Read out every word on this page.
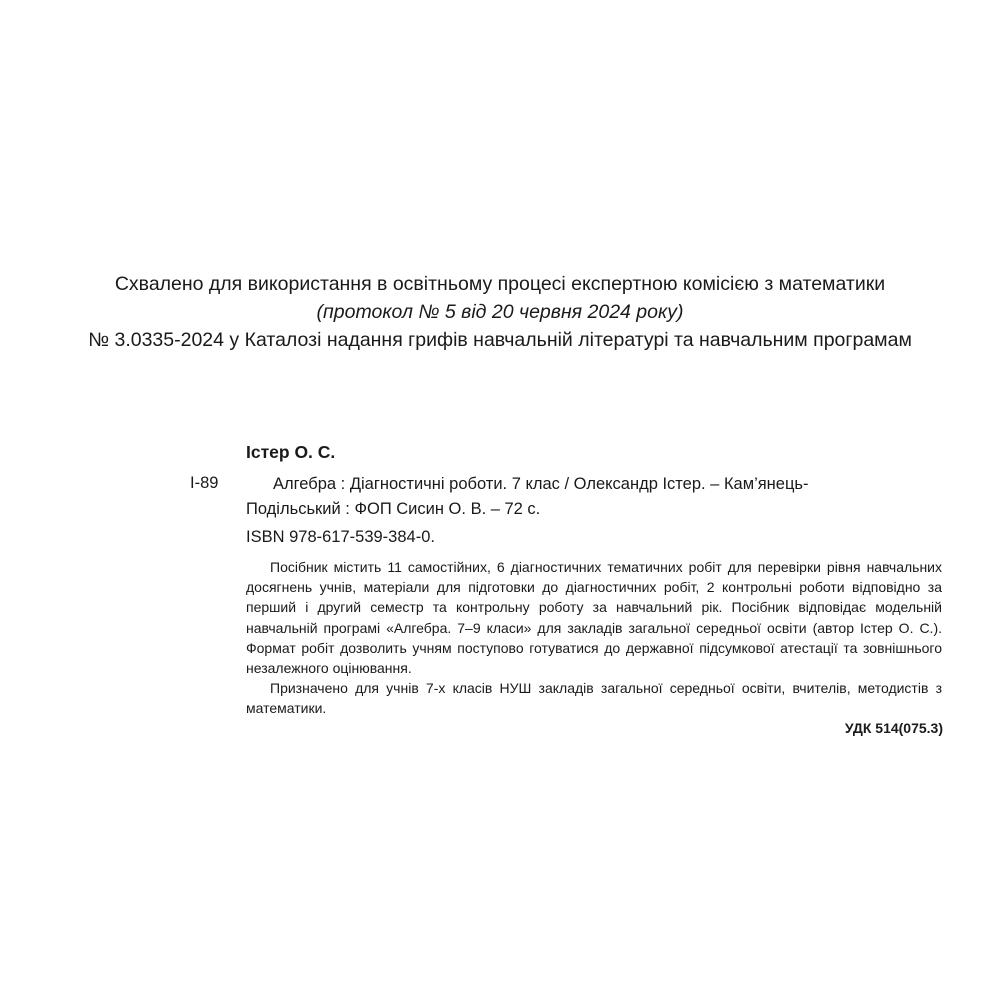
Схвалено для використання в освітньому процесі експертною комісією з математики
(протокол № 5 від 20 червня 2024 року)
№ 3.0335-2024 у Каталозі надання грифів навчальній літературі та навчальним програмам
Істер О. С.
І-89	Алгебра : Діагностичні роботи. 7 клас / Олександр Істер. – Кам’янець-
Подільський : ФОП Сисин О. В. – 72 с.
ISBN 978-617-539-384-0.

Посібник містить 11 самостійних, 6 діагностичних тематичних робіт для перевірки рівня навчальних досягнень учнів, матеріали для підготовки до діагностичних робіт, 2 контрольні роботи відповідно за перший і другий семестр та контрольну роботу за навчальний рік. Посібник відповідає модельній навчальній програмі «Алгебра. 7–9 класи» для закладів загальної середньої освіти (автор Істер О. С.). Формат робіт дозволить учням поступово готуватися до державної підсумкової атестації та зовнішнього незалежного оцінювання.

Призначено для учнів 7-х класів НУШ закладів загальної середньої освіти, вчителів, методистів з математики.

УДК 514(075.3)
